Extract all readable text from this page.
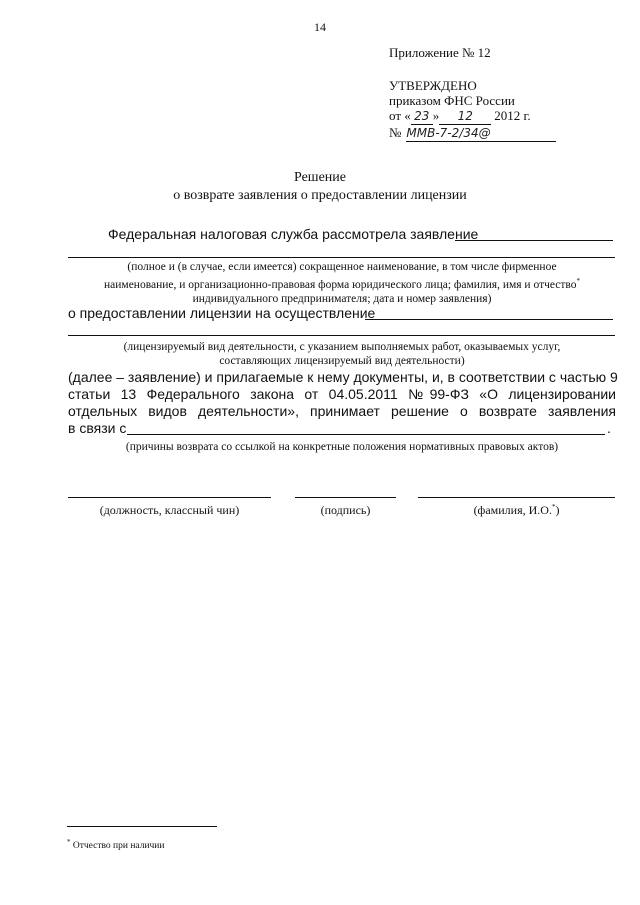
14
Приложение № 12
УТВЕРЖДЕНО
приказом ФНС России
от « 23 » 12 2012 г.
№ ММВ-7-2/34@
Решение
о возврате заявления о предоставлении лицензии
Федеральная налоговая служба рассмотрела заявление
(полное и (в случае, если имеется) сокращенное наименование, в том числе фирменное
наименование, и организационно-правовая форма юридического лица; фамилия, имя и отчество*
индивидуального предпринимателя; дата и номер заявления)
о предоставлении лицензии на осуществление
(лицензируемый вид деятельности, с указанием выполняемых работ, оказываемых услуг,
составляющих лицензируемый вид деятельности)
(далее – заявление) и прилагаемые к нему документы, и, в соответствии с частью 9
статьи 13 Федерального закона от 04.05.2011 №99-ФЗ «О лицензировании
отдельных видов деятельности», принимает решение о возврате заявления
в связи с	.
(причины возврата со ссылкой на конкретные положения нормативных правовых актов)
(должность, классный чин)	(подпись)	(фамилия, И.О.*)
* Отчество при наличии
